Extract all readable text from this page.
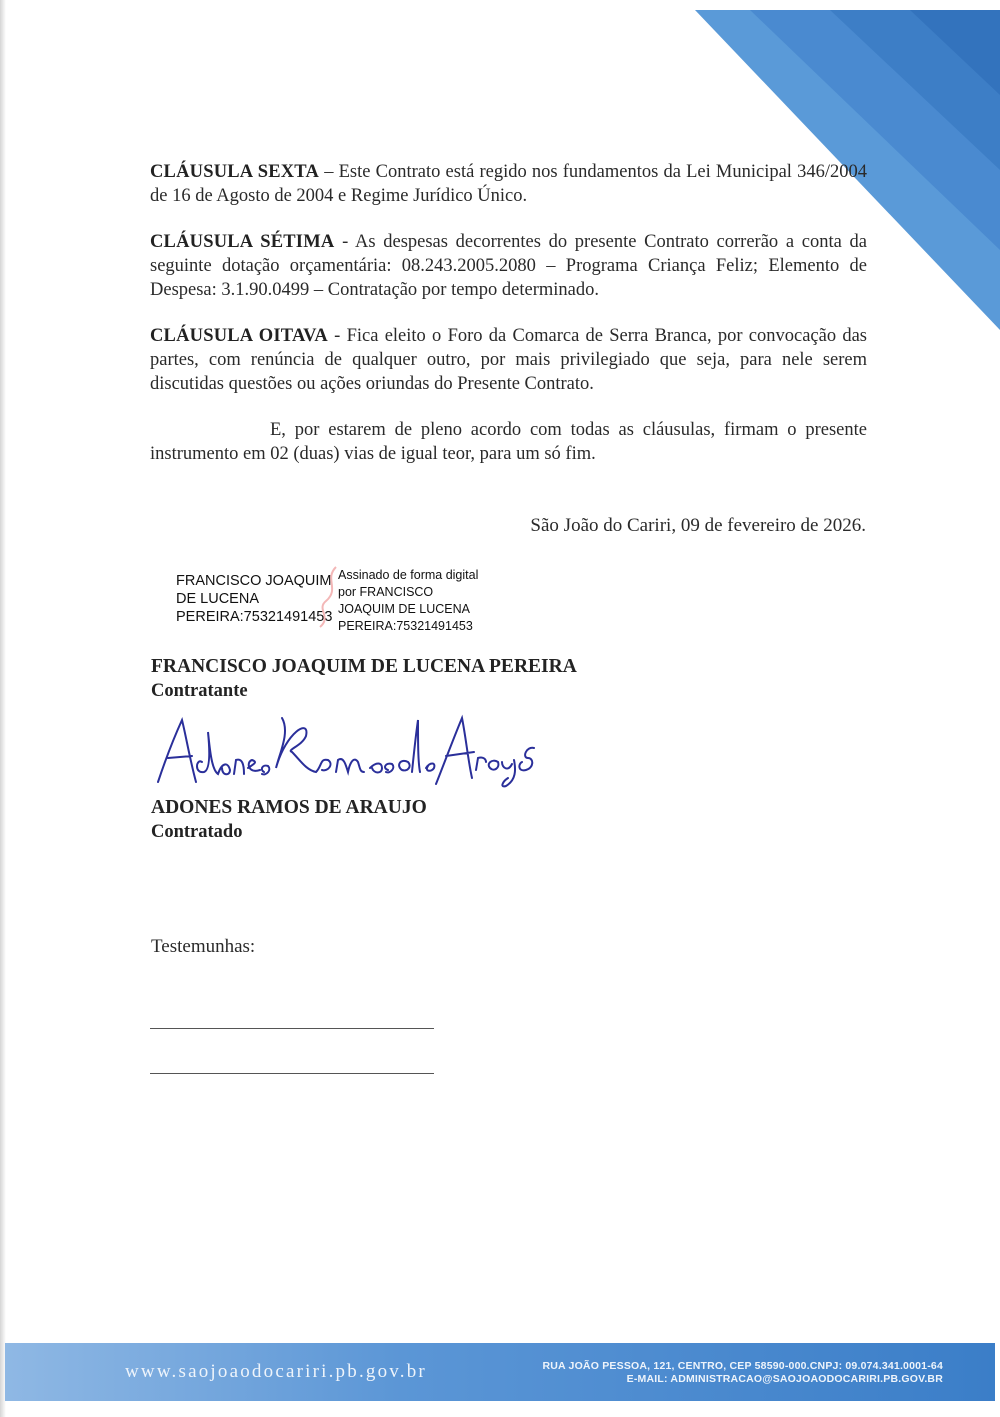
CLÁUSULA SEXTA – Este Contrato está regido nos fundamentos da Lei Municipal 346/2004 de 16 de Agosto de 2004 e Regime Jurídico Único.

CLÁUSULA SÉTIMA - As despesas decorrentes do presente Contrato correrão a conta da seguinte dotação orçamentária: 08.243.2005.2080 – Programa Criança Feliz; Elemento de Despesa: 3.1.90.0499 – Contratação por tempo determinado.

CLÁUSULA OITAVA - Fica eleito o Foro da Comarca de Serra Branca, por convocação das partes, com renúncia de qualquer outro, por mais privilegiado que seja, para nele serem discutidas questões ou ações oriundas do Presente Contrato.

E, por estarem de pleno acordo com todas as cláusulas, firmam o presente instrumento em 02 (duas) vias de igual teor, para um só fim.

São João do Cariri, 09 de fevereiro de 2026.
FRANCISCO JOAQUIM
DE LUCENA
PEREIRA:75321491453
Assinado de forma digital
por FRANCISCO
JOAQUIM DE LUCENA
PEREIRA:75321491453
FRANCISCO JOAQUIM DE LUCENA PEREIRA
Contratante
ADONES RAMOS DE ARAUJO
Contratado
Testemunhas:
www.saojoaodocariri.pb.gov.br	RUA JOÃO PESSOA, 121, CENTRO, CEP 58590-000.CNPJ: 09.074.341.0001-64
E-MAIL: ADMINISTRACAO@SAOJOAODOCARIRI.PB.GOV.BR
